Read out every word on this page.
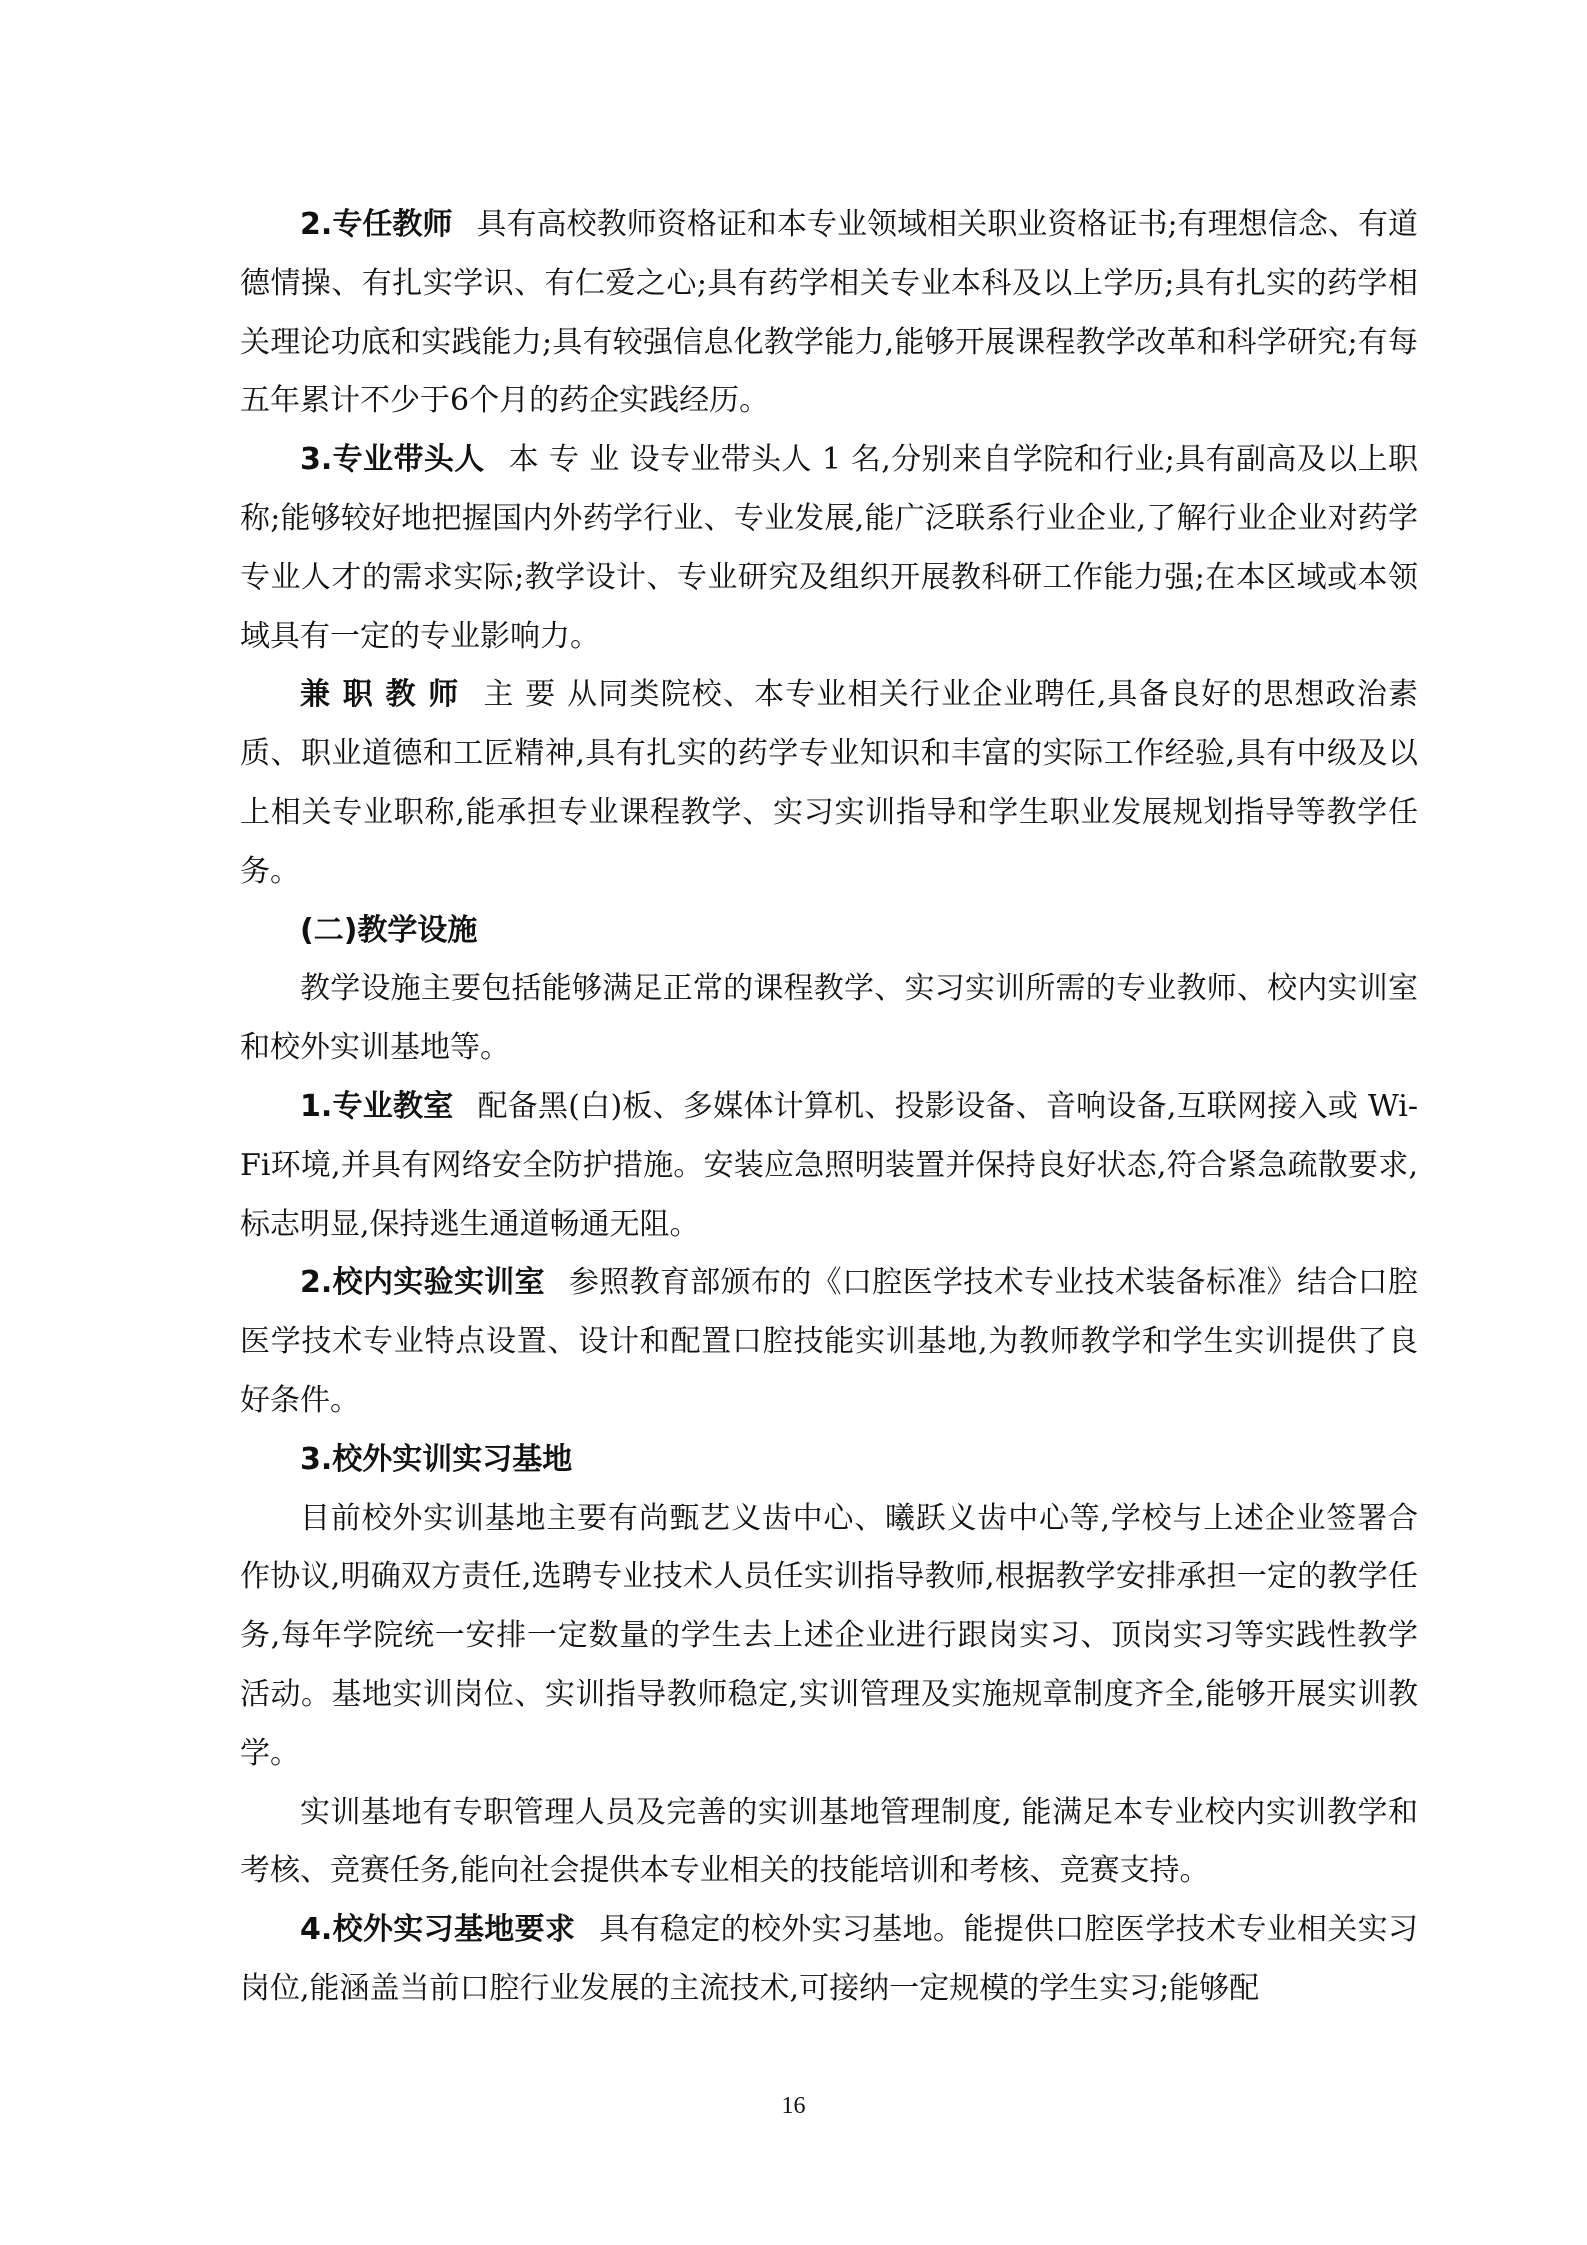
2.专任教师 具有高校教师资格证和本专业领域相关职业资格证书;有理想信念、有道德情操、有扎实学识、有仁爱之心;具有药学相关专业本科及以上学历;具有扎实的药学相关理论功底和实践能力;具有较强信息化教学能力,能够开展课程教学改革和科学研究;有每五年累计不少于6个月的药企实践经历。

3.专业带头人 本 专 业 设专业带头人 1 名,分别来自学院和行业;具有副高及以上职称;能够较好地把握国内外药学行业、专业发展,能广泛联系行业企业,了解行业企业对药学专业人才的需求实际;教学设计、专业研究及组织开展教科研工作能力强;在本区域或本领域具有一定的专业影响力。

兼 职 教 师 主 要 从同类院校、本专业相关行业企业聘任,具备良好的思想政治素质、职业道德和工匠精神,具有扎实的药学专业知识和丰富的实际工作经验,具有中级及以上相关专业职称,能承担专业课程教学、实习实训指导和学生职业发展规划指导等教学任务。

(二)教学设施

教学设施主要包括能够满足正常的课程教学、实习实训所需的专业教师、校内实训室和校外实训基地等。

1.专业教室 配备黑(白)板、多媒体计算机、投影设备、音响设备,互联网接入或 Wi-Fi环境,并具有网络安全防护措施。安装应急照明装置并保持良好状态,符合紧急疏散要求,标志明显,保持逃生通道畅通无阻。

2.校内实验实训室 参照教育部颁布的《口腔医学技术专业技术装备标准》结合口腔医学技术专业特点设置、设计和配置口腔技能实训基地,为教师教学和学生实训提供了良好条件。

3.校外实训实习基地

目前校外实训基地主要有尚甄艺义齿中心、曦跃义齿中心等,学校与上述企业签署合作协议,明确双方责任,选聘专业技术人员任实训指导教师,根据教学安排承担一定的教学任务,每年学院统一安排一定数量的学生去上述企业进行跟岗实习、顶岗实习等实践性教学活动。基地实训岗位、实训指导教师稳定,实训管理及实施规章制度齐全,能够开展实训教学。

实训基地有专职管理人员及完善的实训基地管理制度, 能满足本专业校内实训教学和考核、竞赛任务,能向社会提供本专业相关的技能培训和考核、竞赛支持。

4.校外实习基地要求 具有稳定的校外实习基地。能提供口腔医学技术专业相关实习岗位,能涵盖当前口腔行业发展的主流技术,可接纳一定规模的学生实习;能够配

16
